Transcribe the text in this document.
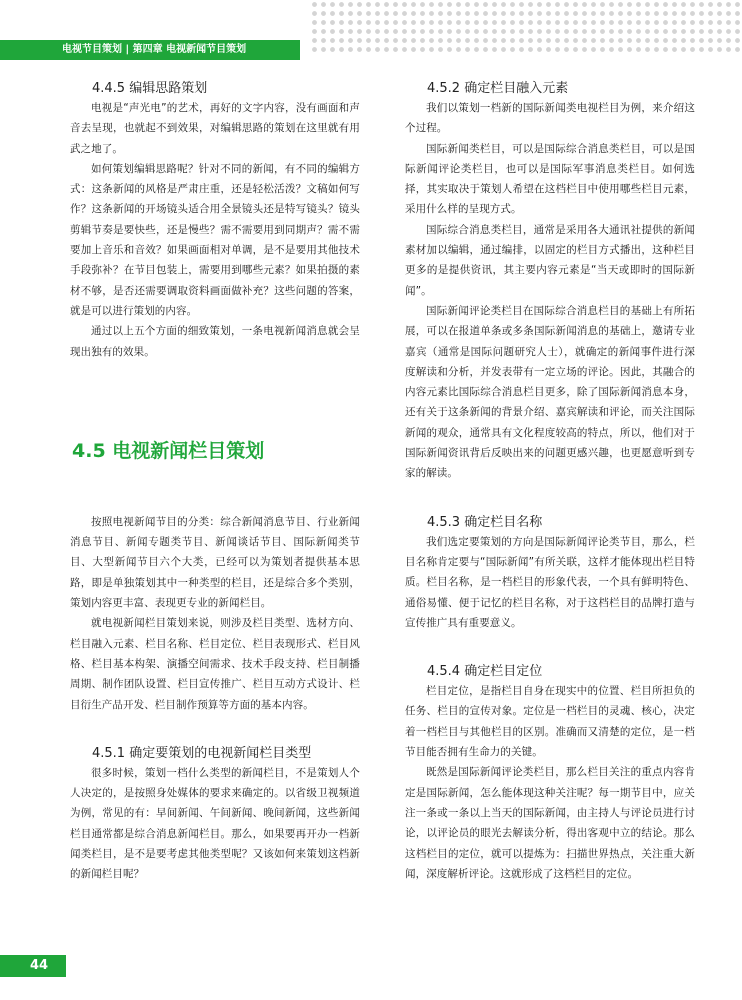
电视节目策划 | 第四章 电视新闻节目策划
4.4.5 编辑思路策划

电视是“声光电”的艺术，再好的文字内容，没有画面和声音去呈现，也就起不到效果，对编辑思路的策划在这里就有用武之地了。

如何策划编辑思路呢？针对不同的新闻，有不同的编辑方式：这条新闻的风格是严肃庄重，还是轻松活泼？文稿如何写作？这条新闻的开场镜头适合用全景镜头还是特写镜头？镜头剪辑节奏是要快些，还是慢些？需不需要用到同期声？需不需要加上音乐和音效？如果画面相对单调，是不是要用其他技术手段弥补？在节目包装上，需要用到哪些元素？如果拍摄的素材不够，是否还需要调取资料画面做补充？这些问题的答案，就是可以进行策划的内容。

通过以上五个方面的细致策划，一条电视新闻消息就会呈现出独有的效果。

4.5 电视新闻栏目策划

按照电视新闻节目的分类：综合新闻消息节目、行业新闻消息节目、新闻专题类节目、新闻谈话节目、国际新闻类节目、大型新闻节目六个大类，已经可以为策划者提供基本思路，即是单独策划其中一种类型的栏目，还是综合多个类别，策划内容更丰富、表现更专业的新闻栏目。

就电视新闻栏目策划来说，则涉及栏目类型、选材方向、栏目融入元素、栏目名称、栏目定位、栏目表现形式、栏目风格、栏目基本构架、演播空间需求、技术手段支持、栏目制播周期、制作团队设置、栏目宣传推广、栏目互动方式设计、栏目衍生产品开发、栏目制作预算等方面的基本内容。

4.5.1 确定要策划的电视新闻栏目类型

很多时候，策划一档什么类型的新闻栏目，不是策划人个人决定的，是按照身处媒体的要求来确定的。以省级卫视频道为例，常见的有：早间新闻、午间新闻、晚间新闻，这些新闻栏目通常都是综合消息新闻栏目。那么，如果要再开办一档新闻类栏目，是不是要考虑其他类型呢？又该如何来策划这档新的新闻栏目呢？

4.5.2 确定栏目融入元素

我们以策划一档新的国际新闻类电视栏目为例，来介绍这个过程。

国际新闻类栏目，可以是国际综合消息类栏目，可以是国际新闻评论类栏目，也可以是国际军事消息类栏目。如何选择，其实取决于策划人希望在这档栏目中使用哪些栏目元素，采用什么样的呈现方式。

国际综合消息类栏目，通常是采用各大通讯社提供的新闻素材加以编辑，通过编排，以固定的栏目方式播出，这种栏目更多的是提供资讯，其主要内容元素是“当天或即时的国际新闻”。

国际新闻评论类栏目在国际综合消息栏目的基础上有所拓展，可以在报道单条或多条国际新闻消息的基础上，邀请专业嘉宾（通常是国际问题研究人士），就确定的新闻事件进行深度解读和分析，并发表带有一定立场的评论。因此，其融合的内容元素比国际综合消息栏目更多，除了国际新闻消息本身，还有关于这条新闻的背景介绍、嘉宾解读和评论，而关注国际新闻的观众，通常具有文化程度较高的特点，所以，他们对于国际新闻资讯背后反映出来的问题更感兴趣，也更愿意听到专家的解读。

4.5.3 确定栏目名称

我们选定要策划的方向是国际新闻评论类节目，那么，栏目名称肯定要与“国际新闻”有所关联，这样才能体现出栏目特质。栏目名称，是一档栏目的形象代表，一个具有鲜明特色、通俗易懂、便于记忆的栏目名称，对于这档栏目的品牌打造与宣传推广具有重要意义。

4.5.4 确定栏目定位

栏目定位，是指栏目自身在现实中的位置、栏目所担负的任务、栏目的宣传对象。定位是一档栏目的灵魂、核心，决定着一档栏目与其他栏目的区别。准确而又清楚的定位，是一档节目能否拥有生命力的关键。

既然是国际新闻评论类栏目，那么栏目关注的重点内容肯定是国际新闻，怎么能体现这种关注呢？每一期节目中，应关注一条或一条以上当天的国际新闻，由主持人与评论员进行讨论，以评论员的眼光去解读分析，得出客观中立的结论。那么这档栏目的定位，就可以提炼为：扫描世界热点，关注重大新闻，深度解析评论。这就形成了这档栏目的定位。

44
